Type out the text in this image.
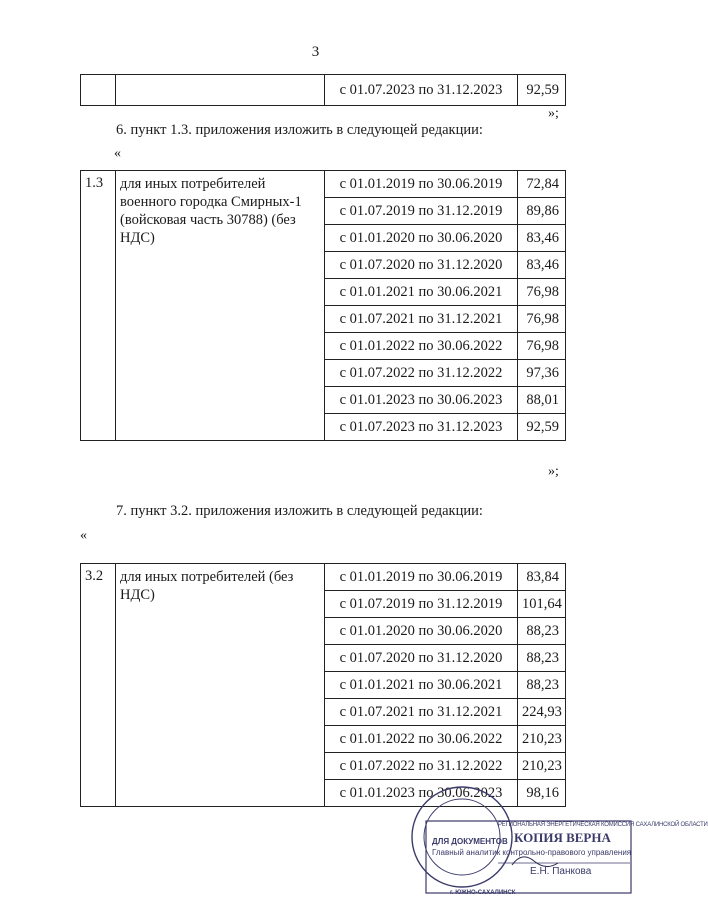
3
		с 01.07.2023 по 31.12.2023	92,59
»;
6. пункт 1.3. приложения изложить в следующей редакции:
«
1.3	для иных потребителей военного городка Смирных-1 (войсковая часть 30788) (без НДС)	с 01.01.2019 по 30.06.2019	72,84
		с 01.07.2019 по 31.12.2019	89,86
		с 01.01.2020 по 30.06.2020	83,46
		с 01.07.2020 по 31.12.2020	83,46
		с 01.01.2021 по 30.06.2021	76,98
		с 01.07.2021 по 31.12.2021	76,98
		с 01.01.2022 по 30.06.2022	76,98
		с 01.07.2022 по 31.12.2022	97,36
		с 01.01.2023 по 30.06.2023	88,01
		с 01.07.2023 по 31.12.2023	92,59
»;
7. пункт 3.2. приложения изложить в следующей редакции:
«
3.2	для иных потребителей (без НДС)	с 01.01.2019 по 30.06.2019	83,84
		с 01.07.2019 по 31.12.2019	101,64
		с 01.01.2020 по 30.06.2020	88,23
		с 01.07.2020 по 31.12.2020	88,23
		с 01.01.2021 по 30.06.2021	88,23
		с 01.07.2021 по 31.12.2021	224,93
		с 01.01.2022 по 30.06.2022	210,23
		с 01.07.2022 по 31.12.2022	210,23
		с 01.01.2023 по 30.06.2023	98,16
РЕГИОНАЛЬНАЯ ЭНЕРГЕТИЧЕСКАЯ КОМИССИЯ САХАЛИНСКОЙ ОБЛАСТИ
КОПИЯ ВЕРНА
ДЛЯ ДОКУМЕНТОВ
Главный аналитик контрольно-правового управления
Е.Н. Панкова
г. ЮЖНО-САХАЛИНСК
